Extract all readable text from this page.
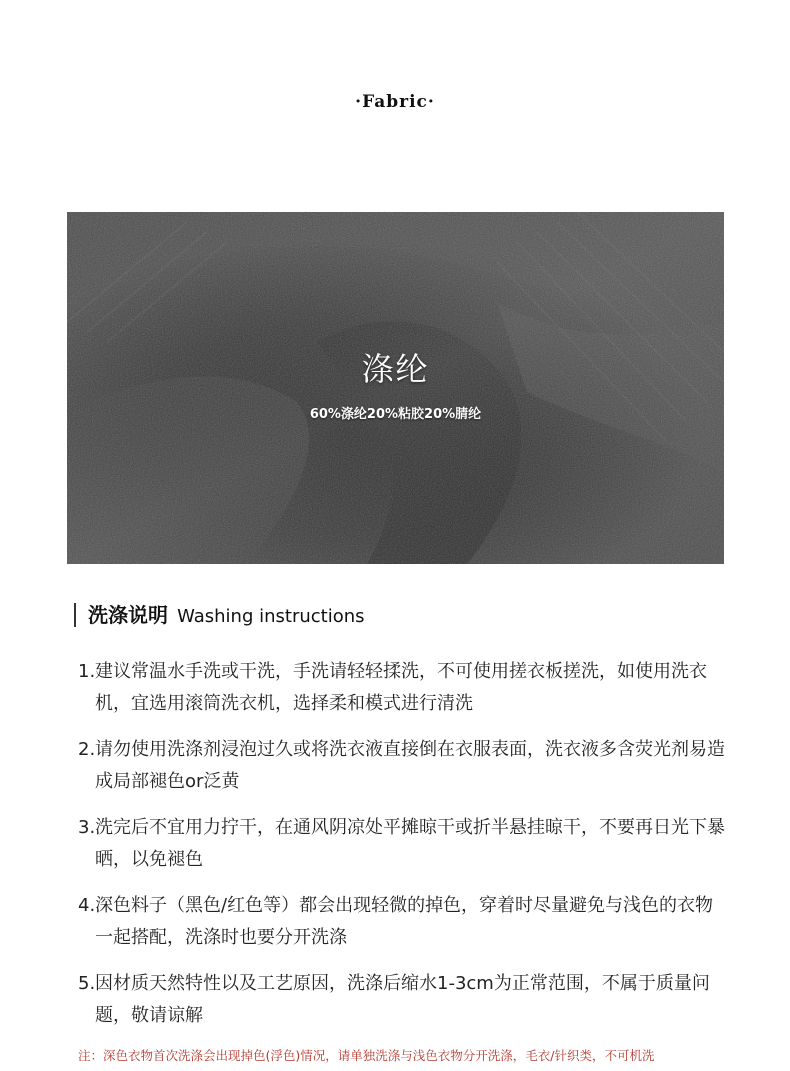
·Fabric·
涤纶
60%涤纶20%粘胶20%腈纶
洗涤说明 Washing instructions
1. 建议常温水手洗或干洗，手洗请轻轻揉洗，不可使用搓衣板搓洗，如使用洗衣机，宜选用滚筒洗衣机，选择柔和模式进行清洗
2. 请勿使用洗涤剂浸泡过久或将洗衣液直接倒在衣服表面，洗衣液多含荧光剂易造成局部褪色or泛黄
3. 洗完后不宜用力拧干，在通风阴凉处平摊晾干或折半悬挂晾干，不要再日光下暴晒，以免褪色
4. 深色料子（黑色/红色等）都会出现轻微的掉色，穿着时尽量避免与浅色的衣物一起搭配，洗涤时也要分开洗涤
5. 因材质天然特性以及工艺原因，洗涤后缩水1-3cm为正常范围，不属于质量问题，敬请谅解
注：深色衣物首次洗涤会出现掉色(浮色)情况，请单独洗涤与浅色衣物分开洗涤，毛衣/针织类，不可机洗
